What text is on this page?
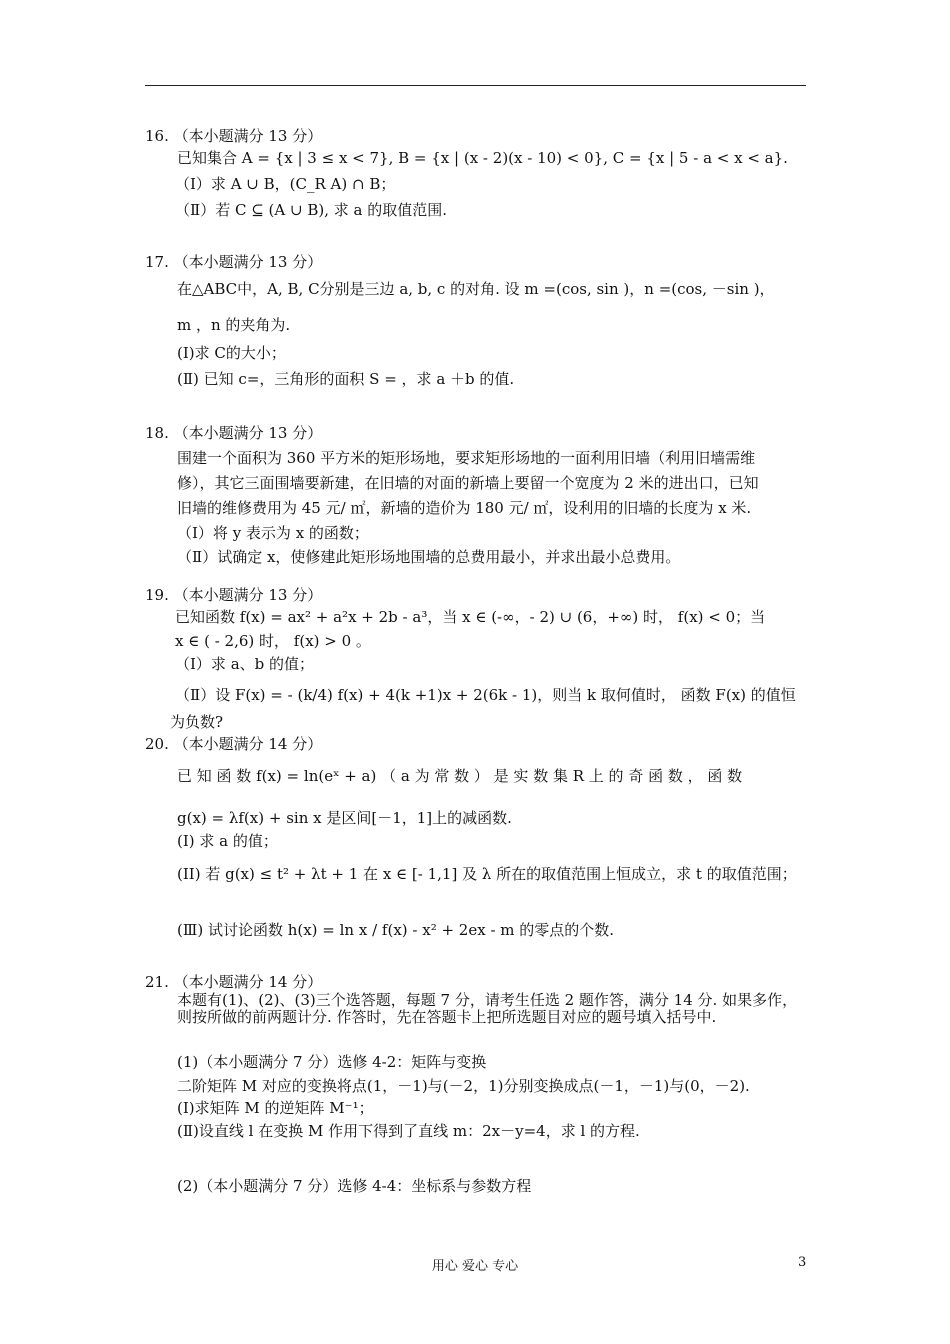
16. （本小题满分 13 分）
已知集合 A = {x | 3 ≤ x < 7}, B = {x | (x - 2)(x - 10) < 0}, C = {x | 5 - a < x < a}.
（Ⅰ）求 A ∪ B，(C_R A) ∩ B；
（Ⅱ）若 C ⊆ (A ∪ B), 求 a 的取值范围.
17. （本小题满分 13 分）
在△ABC中，A, B, C分别是三边 a, b, c 的对角. 设 m =(cos, sin )，n =(cos, －sin )，
m ，n 的夹角为.
(Ⅰ)求 C的大小；
(Ⅱ) 已知 c=，三角形的面积 S = ，求 a ＋b 的值.
18. （本小题满分 13 分）
围建一个面积为 360 平方米的矩形场地，要求矩形场地的一面利用旧墙（利用旧墙需维
修），其它三面围墙要新建，在旧墙的对面的新墙上要留一个宽度为 2 米的进出口，已知
旧墙的维修费用为 45 元/ ㎡，新墙的造价为 180 元/ ㎡，设利用的旧墙的长度为 x 米.
（Ⅰ）将 y 表示为 x 的函数；
（Ⅱ）试确定 x，使修建此矩形场地围墙的总费用最小，并求出最小总费用。
19. （本小题满分 13 分）
已知函数 f(x) = ax² + a²x + 2b - a³，当 x ∈ (-∞，- 2) ∪ (6，+∞) 时， f(x) < 0；当
x ∈ ( - 2,6) 时， f(x) > 0 。
（Ⅰ）求 a、b 的值；
（Ⅱ）设 F(x) = - (k/4) f(x) + 4(k +1)x + 2(6k - 1)，则当 k 取何值时， 函数 F(x) 的值恒
为负数?
20. （本小题满分 14 分）
已 知 函 数 f(x) = ln(eˣ + a) （ a 为 常 数 ） 是 实 数 集 R 上 的 奇 函 数 ， 函 数
g(x) = λf(x) + sin x 是区间[－1，1]上的减函数.
(I) 求 a 的值；
(II) 若 g(x) ≤ t² + λt + 1 在 x ∈ [- 1,1] 及 λ 所在的取值范围上恒成立，求 t 的取值范围；
(Ⅲ) 试讨论函数 h(x) = ln x / f(x) - x² + 2ex - m 的零点的个数.
21. （本小题满分 14 分）
本题有(1)、(2)、(3)三个选答题，每题 7 分，请考生任选 2 题作答，满分 14 分. 如果多作，
则按所做的前两题计分. 作答时，先在答题卡上把所选题目对应的题号填入括号中.
(1)（本小题满分 7 分）选修 4-2：矩阵与变换
二阶矩阵 M 对应的变换将点(1，－1)与(－2，1)分别变换成点(－1，－1)与(0，－2).
(Ⅰ)求矩阵 M 的逆矩阵 M⁻¹；
(Ⅱ)设直线 l 在变换 M 作用下得到了直线 m：2x－y=4，求 l 的方程.
(2)（本小题满分 7 分）选修 4-4：坐标系与参数方程
用心 爱心 专心	3
